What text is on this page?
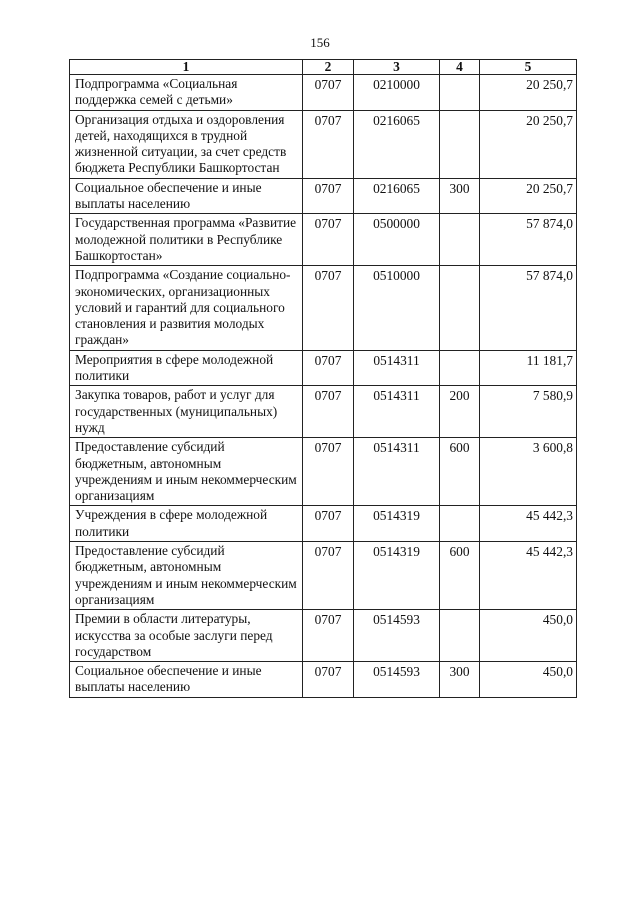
156
1	2	3	4	5
Подпрограмма «Социальная поддержка семей с детьми»	0707	0210000		20 250,7
Организация отдыха и оздоровления детей, находящихся в трудной жизненной ситуации, за счет средств бюджета Республики Башкортостан	0707	0216065		20 250,7
Социальное обеспечение и иные выплаты населению	0707	0216065	300	20 250,7
Государственная программа «Развитие молодежной политики в Республике Башкортостан»	0707	0500000		57 874,0
Подпрограмма «Создание социально-экономических, организационных условий и гарантий для социального становления и развития молодых граждан»	0707	0510000		57 874,0
Мероприятия в сфере молодежной политики	0707	0514311		11 181,7
Закупка товаров, работ и услуг для государственных (муниципальных) нужд	0707	0514311	200	7 580,9
Предоставление субсидий бюджетным, автономным учреждениям и иным некоммерческим организациям	0707	0514311	600	3 600,8
Учреждения в сфере молодежной политики	0707	0514319		45 442,3
Предоставление субсидий бюджетным, автономным учреждениям и иным некоммерческим организациям	0707	0514319	600	45 442,3
Премии в области литературы, искусства за особые заслуги перед государством	0707	0514593		450,0
Социальное обеспечение и иные выплаты населению	0707	0514593	300	450,0
